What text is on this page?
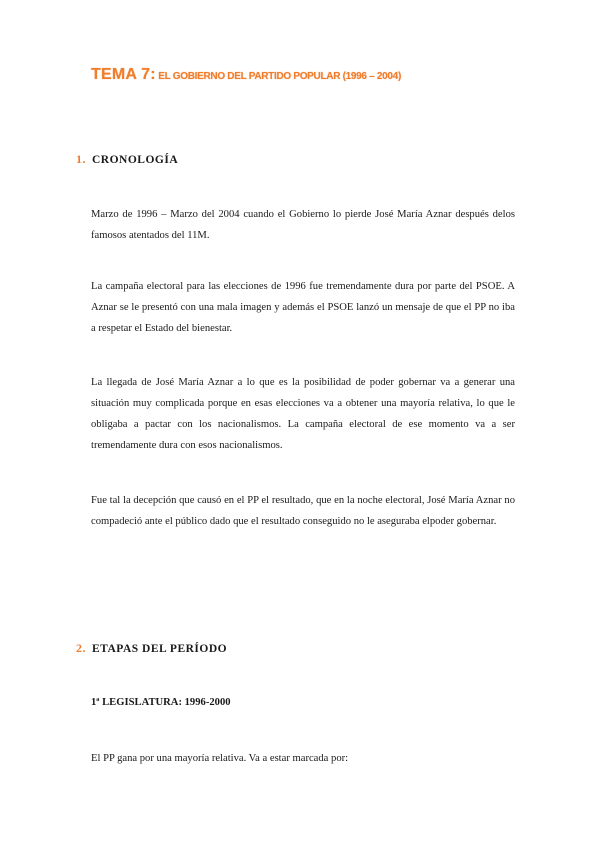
TEMA 7: EL GOBIERNO DEL PARTIDO POPULAR (1996 – 2004)
1. CRONOLOGÍA

Marzo de 1996 – Marzo del 2004 cuando el Gobierno lo pierde José María Aznar después delos famosos atentados del 11M.

La campaña electoral para las elecciones de 1996 fue tremendamente dura por parte del PSOE. A Aznar se le presentó con una mala imagen y además el PSOE lanzó un mensaje de que el PP no iba a respetar el Estado del bienestar.

La llegada de José María Aznar a lo que es la posibilidad de poder gobernar va a generar una situación muy complicada porque en esas elecciones va a obtener una mayoría relativa, lo que le obligaba a pactar con los nacionalismos. La campaña electoral de ese momento va a ser tremendamente dura con esos nacionalismos.

Fue tal la decepción que causó en el PP el resultado, que en la noche electoral, José María Aznar no compadeció ante el público dado que el resultado conseguido no le aseguraba elpoder gobernar.

2. ETAPAS DEL PERÍODO
1ª LEGISLATURA: 1996-2000

El PP gana por una mayoría relativa. Va a estar marcada por:
